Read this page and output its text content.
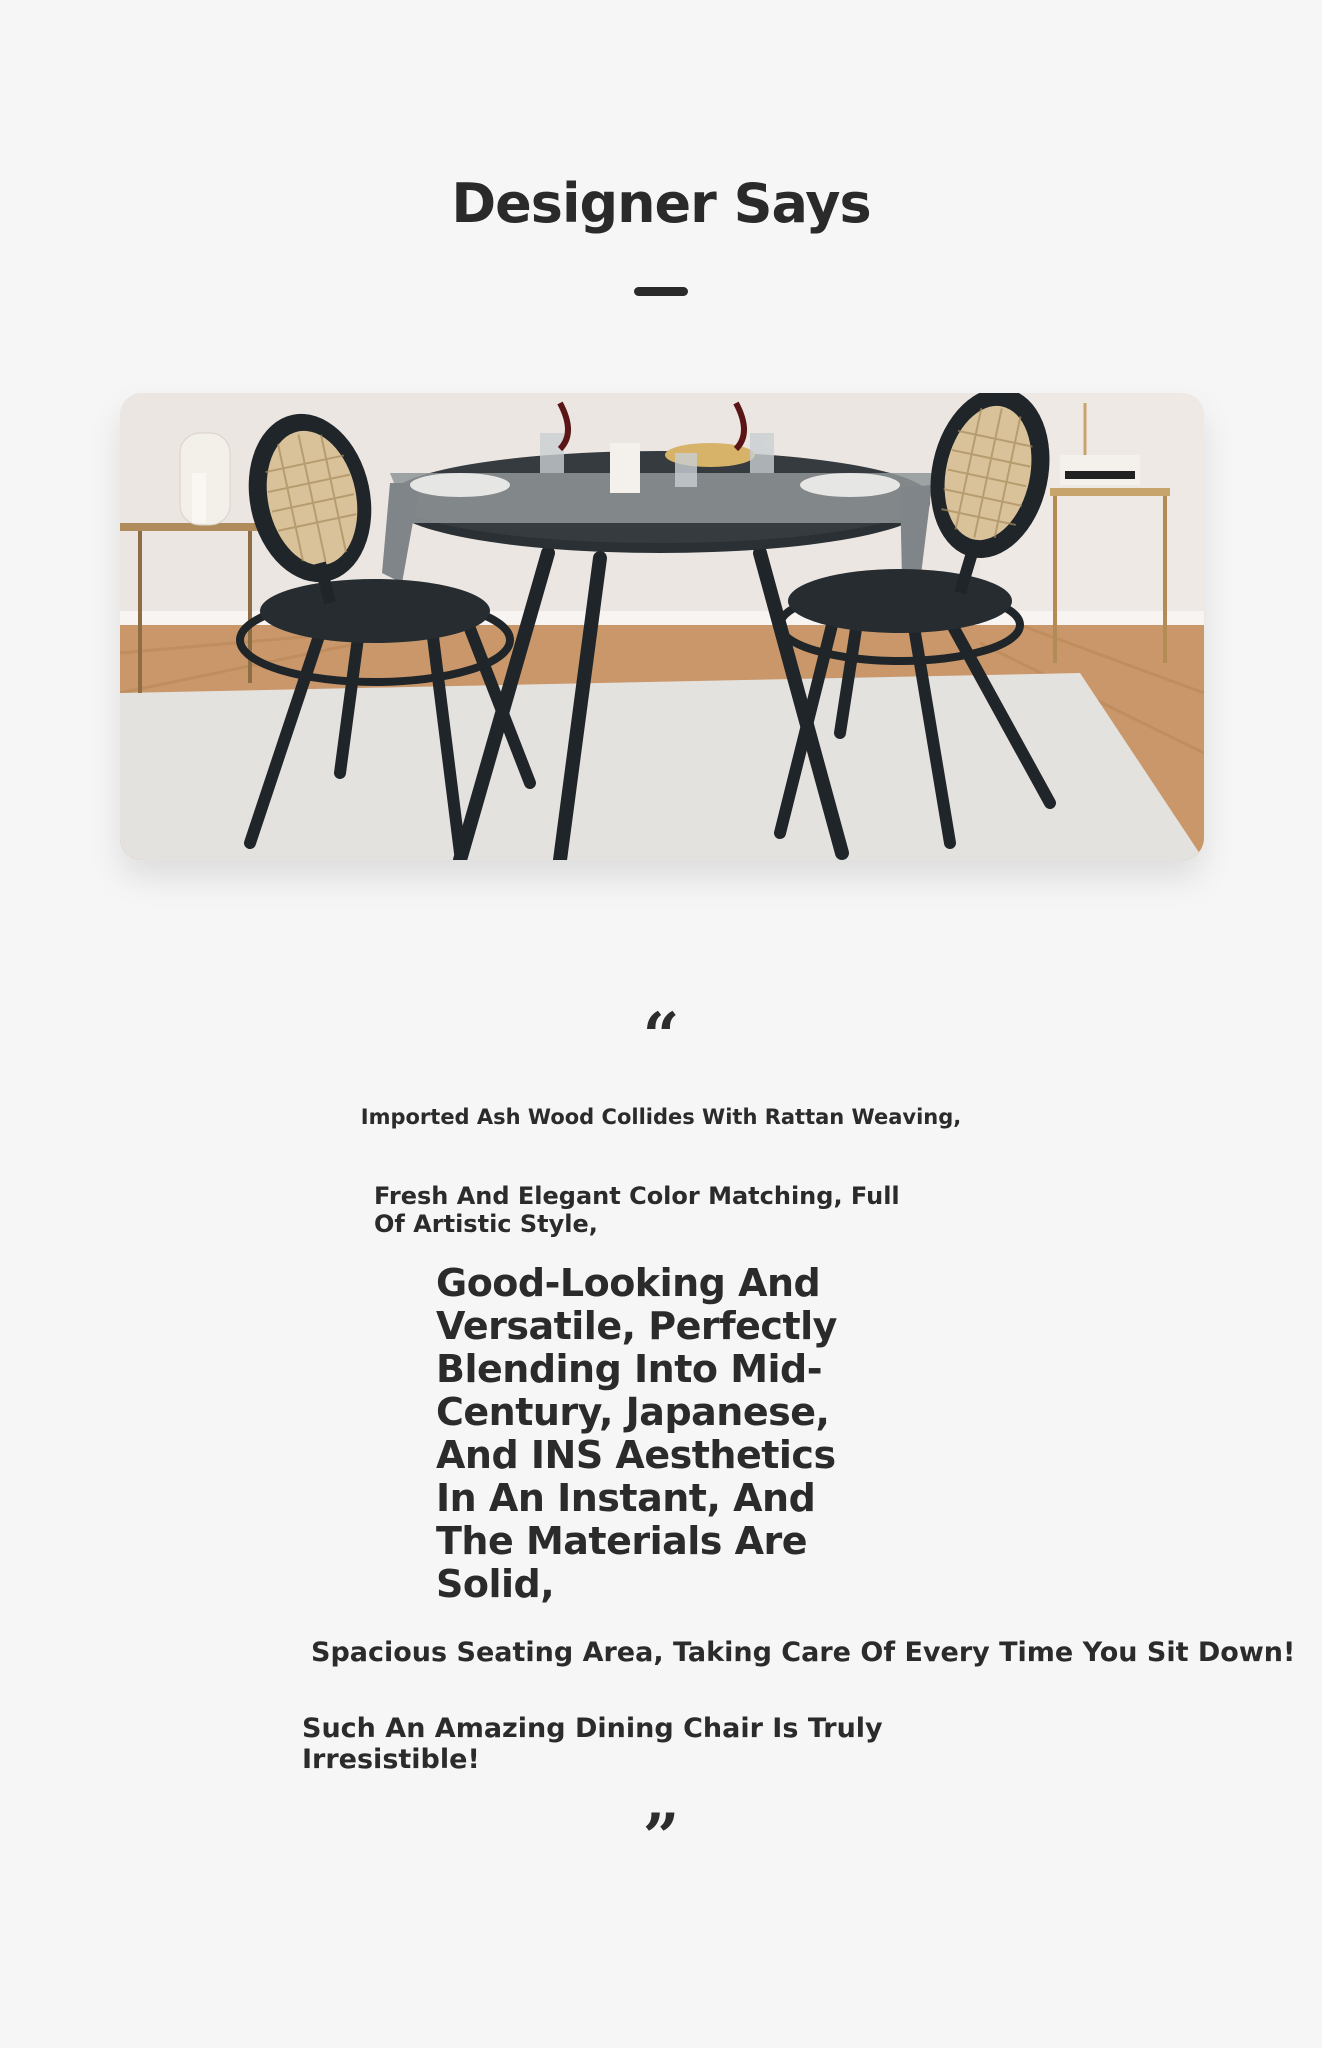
Designer Says
“

Imported Ash Wood Collides With Rattan Weaving,

Fresh And Elegant Color Matching, Full Of Artistic Style,

Good-Looking And Versatile, Perfectly Blending Into Mid-Century, Japanese, And INS Aesthetics In An Instant, And The Materials Are Solid,

Spacious Seating Area, Taking Care Of Every Time You Sit Down!

Such An Amazing Dining Chair Is Truly Irresistible!

”
